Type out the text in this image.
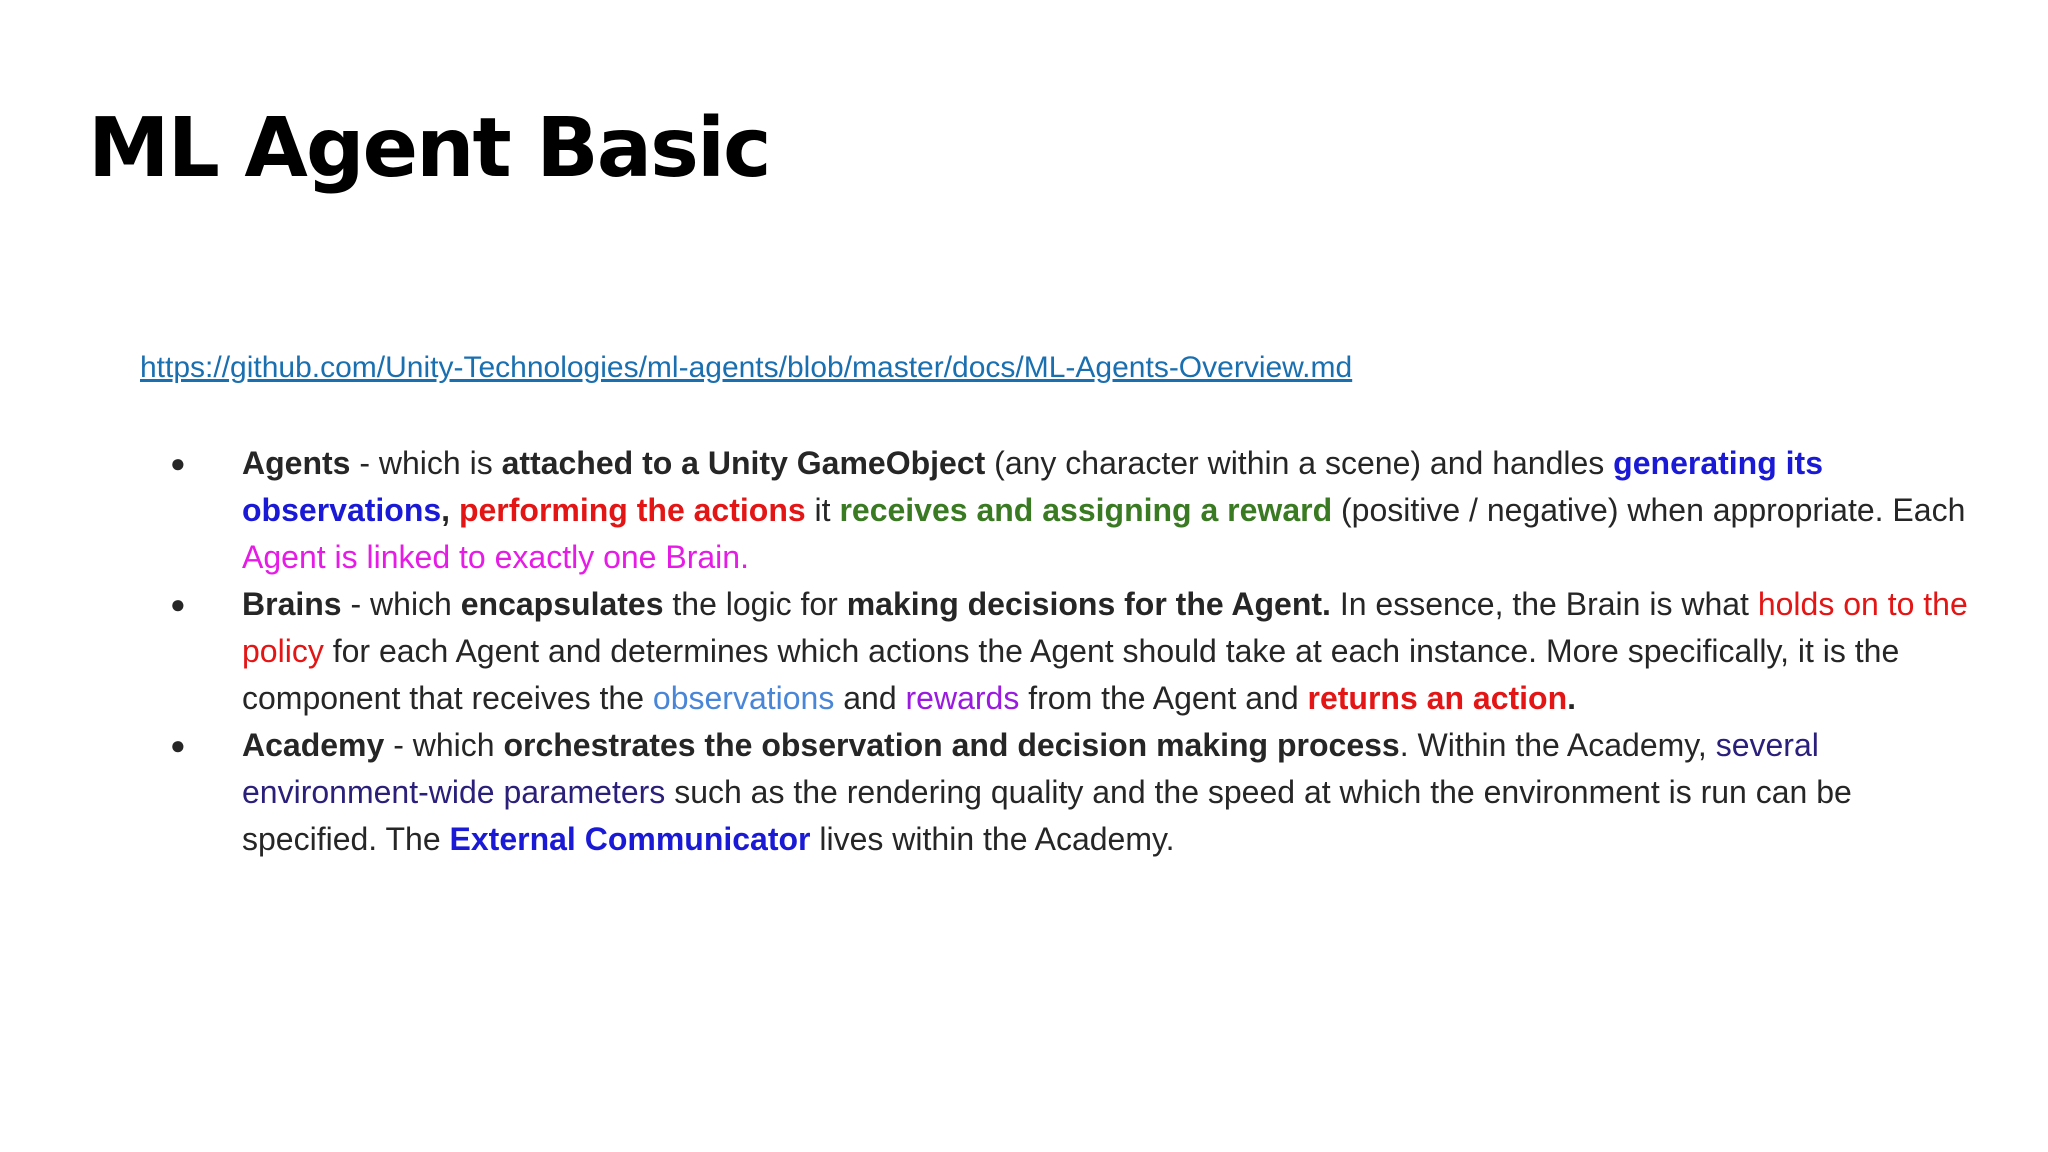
ML Agent Basic
https://github.com/Unity-Technologies/ml-agents/blob/master/docs/ML-Agents-Overview.md
● Agents - which is attached to a Unity GameObject (any character within a scene) and handles generating its observations, performing the actions it receives and assigning a reward (positive / negative) when appropriate. Each Agent is linked to exactly one Brain.
● Brains - which encapsulates the logic for making decisions for the Agent. In essence, the Brain is what holds on to the policy for each Agent and determines which actions the Agent should take at each instance. More specifically, it is the component that receives the observations and rewards from the Agent and returns an action.
● Academy - which orchestrates the observation and decision making process. Within the Academy, several environment-wide parameters such as the rendering quality and the speed at which the environment is run can be specified. The External Communicator lives within the Academy.
